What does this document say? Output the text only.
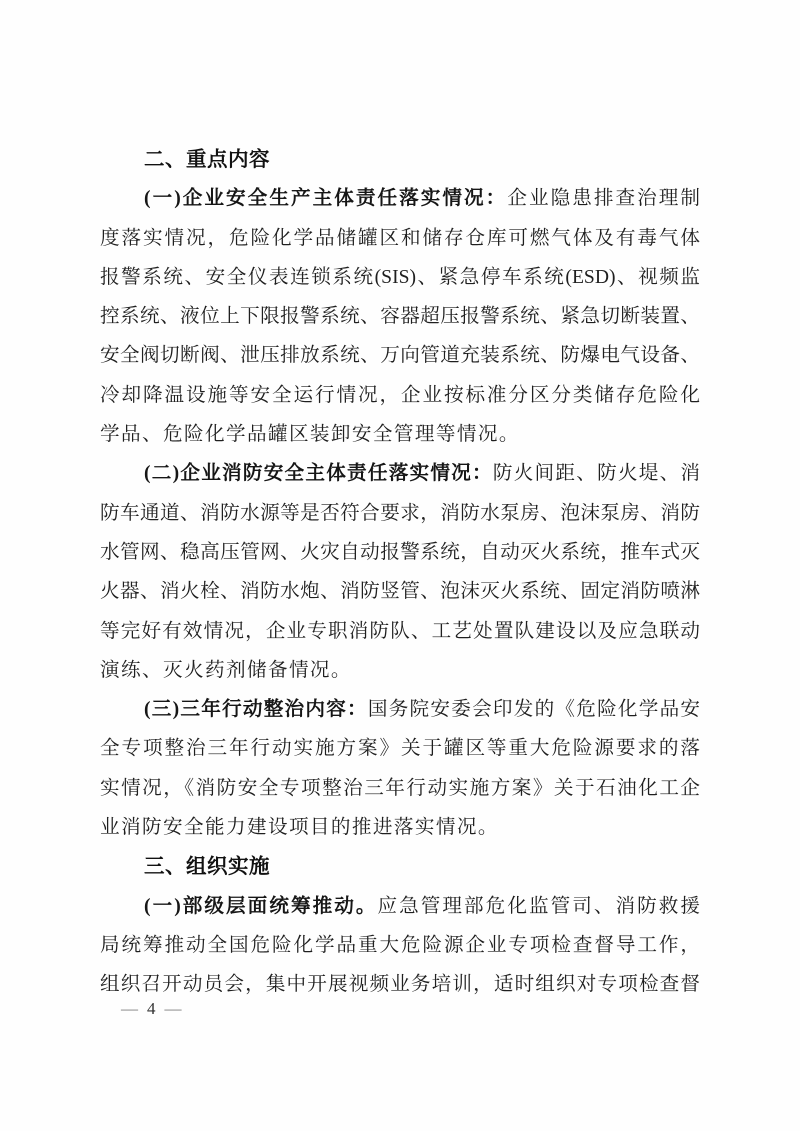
二、重点内容
(一)企业安全生产主体责任落实情况：企业隐患排查治理制
度落实情况，危险化学品储罐区和储存仓库可燃气体及有毒气体
报警系统、安全仪表连锁系统(SIS)、紧急停车系统(ESD)、视频监
控系统、液位上下限报警系统、容器超压报警系统、紧急切断装置、
安全阀切断阀、泄压排放系统、万向管道充装系统、防爆电气设备、
冷却降温设施等安全运行情况，企业按标准分区分类储存危险化
学品、危险化学品罐区装卸安全管理等情况。
(二)企业消防安全主体责任落实情况：防火间距、防火堤、消
防车通道、消防水源等是否符合要求，消防水泵房、泡沫泵房、消防
水管网、稳高压管网、火灾自动报警系统，自动灭火系统，推车式灭
火器、消火栓、消防水炮、消防竖管、泡沫灭火系统、固定消防喷淋
等完好有效情况，企业专职消防队、工艺处置队建设以及应急联动
演练、灭火药剂储备情况。
(三)三年行动整治内容：国务院安委会印发的《危险化学品安
全专项整治三年行动实施方案》关于罐区等重大危险源要求的落
实情况，《消防安全专项整治三年行动实施方案》关于石油化工企
业消防安全能力建设项目的推进落实情况。
三、组织实施
(一)部级层面统筹推动。应急管理部危化监管司、消防救援
局统筹推动全国危险化学品重大危险源企业专项检查督导工作，
组织召开动员会，集中开展视频业务培训，适时组织对专项检查督
— 4 —
